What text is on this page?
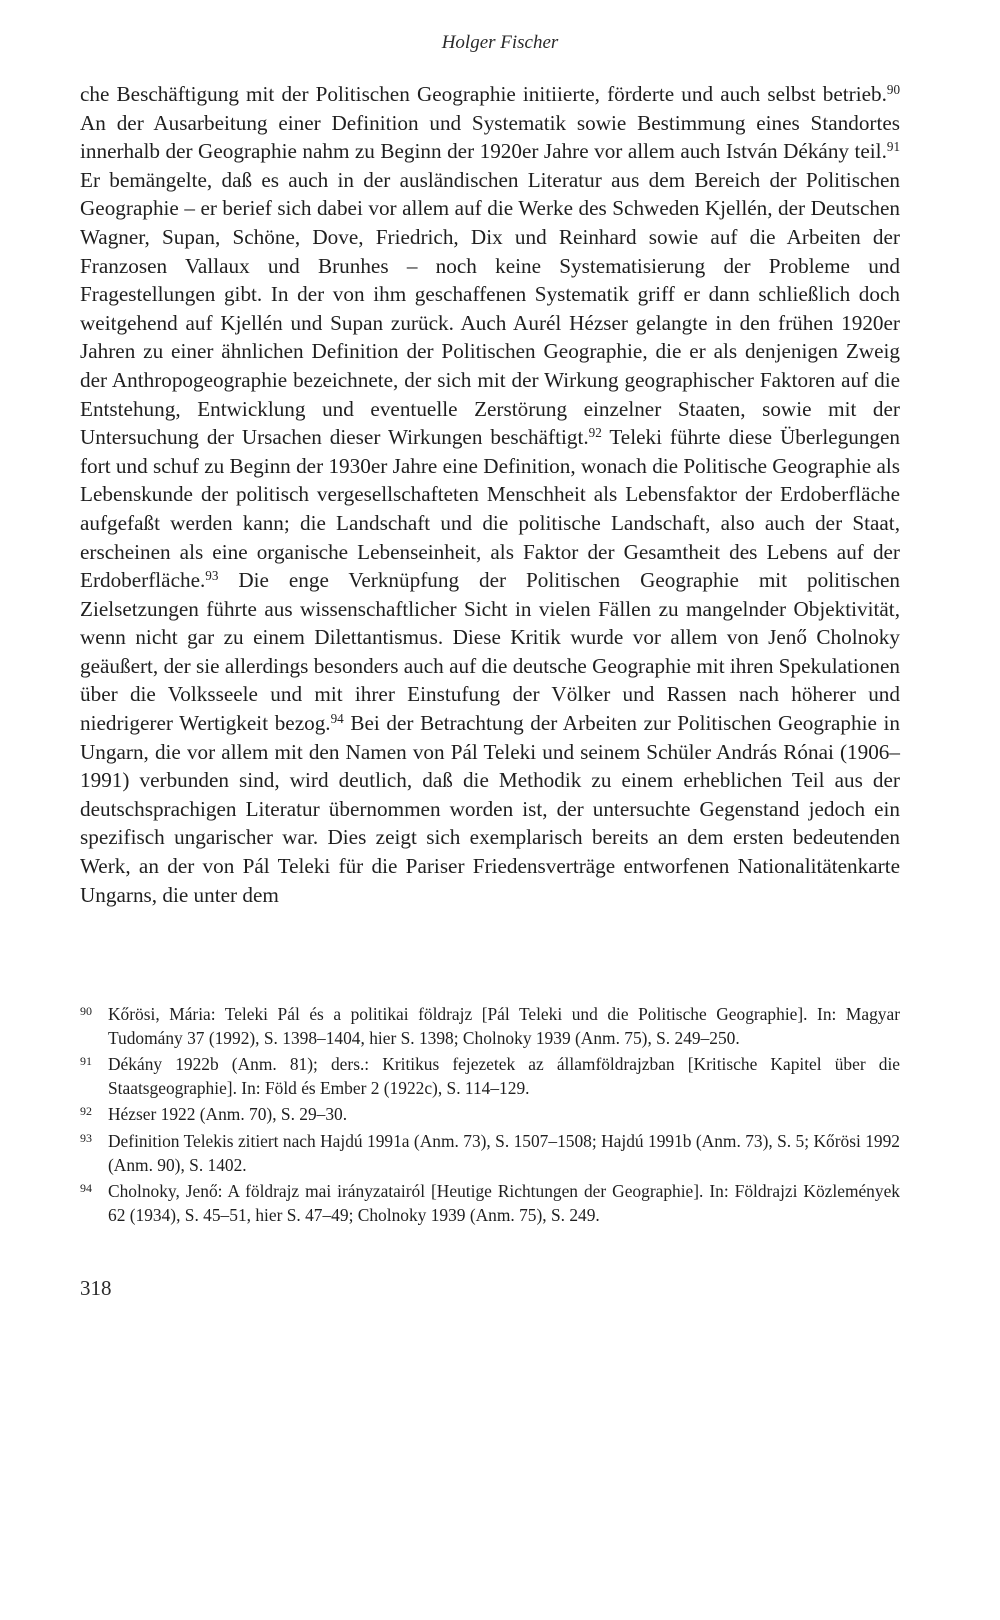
Holger Fischer
che Beschäftigung mit der Politischen Geographie initiierte, förderte und auch selbst betrieb.$^{90}$ An der Ausarbeitung einer Definition und Systematik sowie Bestimmung eines Standortes innerhalb der Geographie nahm zu Beginn der 1920er Jahre vor allem auch István Dékány teil.$^{91}$ Er bemängelte, daß es auch in der ausländischen Literatur aus dem Bereich der Politischen Geographie – er berief sich dabei vor allem auf die Werke des Schweden Kjellén, der Deutschen Wagner, Supan, Schöne, Dove, Friedrich, Dix und Reinhard sowie auf die Arbeiten der Franzosen Vallaux und Brunhes – noch keine Systematisierung der Probleme und Fragestellungen gibt. In der von ihm geschaffenen Systematik griff er dann schließlich doch weitgehend auf Kjellén und Supan zurück. Auch Aurél Hézser gelangte in den frühen 1920er Jahren zu einer ähnlichen Definition der Politischen Geographie, die er als denjenigen Zweig der Anthropogeographie bezeichnete, der sich mit der Wirkung geographischer Faktoren auf die Entstehung, Entwicklung und eventuelle Zerstörung einzelner Staaten, sowie mit der Untersuchung der Ursachen dieser Wirkungen beschäftigt.$^{92}$ Teleki führte diese Überlegungen fort und schuf zu Beginn der 1930er Jahre eine Definition, wonach die Politische Geographie als Lebenskunde der politisch vergesellschafteten Menschheit als Lebensfaktor der Erdoberfläche aufgefaßt werden kann; die Landschaft und die politische Landschaft, also auch der Staat, erscheinen als eine organische Lebenseinheit, als Faktor der Gesamtheit des Lebens auf der Erdoberfläche.$^{93}$ Die enge Verknüpfung der Politischen Geographie mit politischen Zielsetzungen führte aus wissenschaftlicher Sicht in vielen Fällen zu mangelnder Objektivität, wenn nicht gar zu einem Dilettantismus. Diese Kritik wurde vor allem von Jenő Cholnoky geäußert, der sie allerdings besonders auch auf die deutsche Geographie mit ihren Spekulationen über die Volksseele und mit ihrer Einstufung der Völker und Rassen nach höherer und niedrigerer Wertigkeit bezog.$^{94}$ Bei der Betrachtung der Arbeiten zur Politischen Geographie in Ungarn, die vor allem mit den Namen von Pál Teleki und seinem Schüler András Rónai (1906–1991) verbunden sind, wird deutlich, daß die Methodik zu einem erheblichen Teil aus der deutschsprachigen Literatur übernommen worden ist, der untersuchte Gegenstand jedoch ein spezifisch ungarischer war. Dies zeigt sich exemplarisch bereits an dem ersten bedeutenden Werk, an der von Pál Teleki für die Pariser Friedensverträge entworfenen Nationalitätenkarte Ungarns, die unter dem
90 Kőrösi, Mária: Teleki Pál és a politikai földrajz [Pál Teleki und die Politische Geographie]. In: Magyar Tudomány 37 (1992), S. 1398–1404, hier S. 1398; Cholnoky 1939 (Anm. 75), S. 249–250.
91 Dékány 1922b (Anm. 81); ders.: Kritikus fejezetek az államföldrajzban [Kritische Kapitel über die Staatsgeographie]. In: Föld és Ember 2 (1922c), S. 114–129.
92 Hézser 1922 (Anm. 70), S. 29–30.
93 Definition Telekis zitiert nach Hajdú 1991a (Anm. 73), S. 1507–1508; Hajdú 1991b (Anm. 73), S. 5; Kőrösi 1992 (Anm. 90), S. 1402.
94 Cholnoky, Jenő: A földrajz mai irányzatairól [Heutige Richtungen der Geographie]. In: Földrajzi Közlemények 62 (1934), S. 45–51, hier S. 47–49; Cholnoky 1939 (Anm. 75), S. 249.
318
